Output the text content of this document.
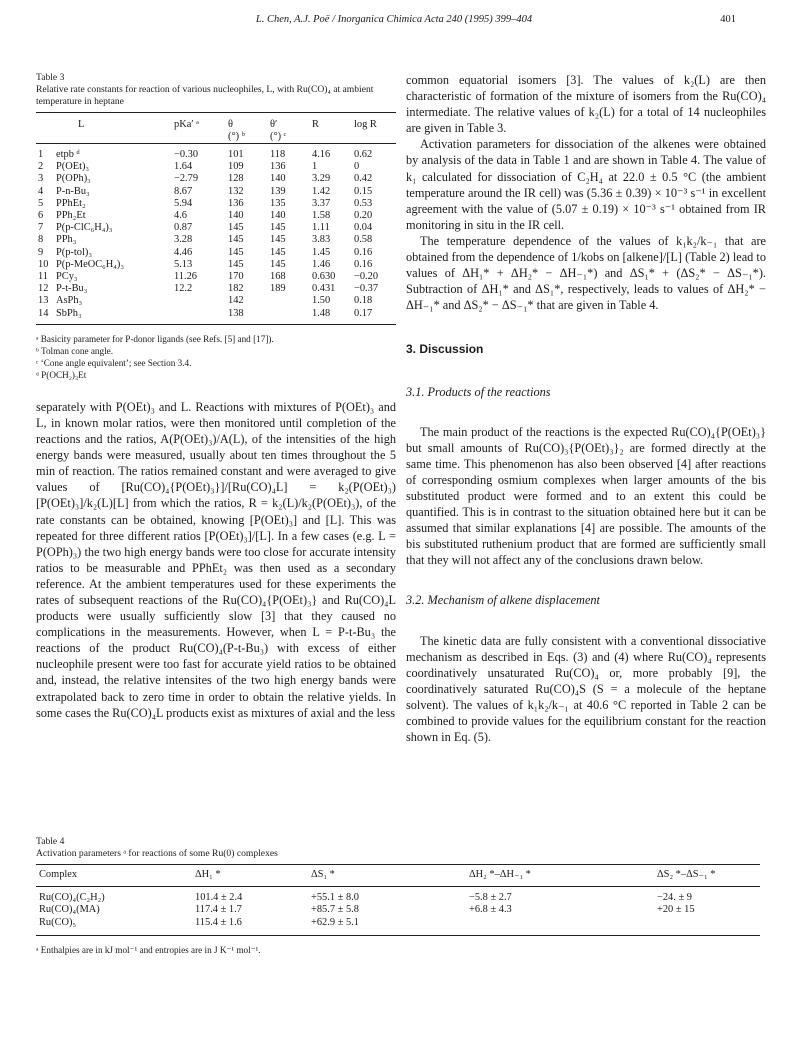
L. Chen, A.J. Poë / Inorganica Chimica Acta 240 (1995) 399–404	401
Table 3
Relative rate constants for reaction of various nucleophiles, L, with Ru(CO)₄ at ambient temperature in heptane
	L	pKa′ ᵃ	θ	θ′	R	log R
			(°) ᵇ	(°) ᶜ		
1	etpb ᵈ	−0.30	101	118	4.16	0.62
2	P(OEt)₃	1.64	109	136	1	0
3	P(OPh)₃	−2.79	128	140	3.29	0.42
4	P-n-Bu₃	8.67	132	139	1.42	0.15
5	PPhEt₂	5.94	136	135	3.37	0.53
6	PPh₂Et	4.6	140	140	1.58	0.20
7	P(p-ClC₆H₄)₃	0.87	145	145	1.11	0.04
8	PPh₃	3.28	145	145	3.83	0.58
9	P(p-tol)₃	4.46	145	145	1.45	0.16
10	P(p-MeOC₆H₄)₃	5.13	145	145	1.46	0.16
11	PCy₃	11.26	170	168	0.630	−0.20
12	P-t-Bu₃	12.2	182	189	0.431	−0.37
13	AsPh₃		142		1.50	0.18
14	SbPh₃		138		1.48	0.17
ᵃ Basicity parameter for P-donor ligands (see Refs. [5] and [17]).
ᵇ Tolman cone angle.
ᶜ ‘Cone angle equivalent’; see Section 3.4.
ᵈ P(OCH₂)₃Et

separately with P(OEt)₃ and L. Reactions with mixtures of P(OEt)₃ and L, in known molar ratios, were then monitored until completion of the reactions and the ratios, A(P(OEt)₃)/A(L), of the intensities of the high energy bands were measured, usually about ten times throughout the 5 min of reaction. The ratios remained constant and were averaged to give values of [Ru(CO)₄{P(OEt)₃}]/[Ru(CO)₄L] = k₂(P(OEt)₃)[P(OEt)₃]/k₂(L)[L] from which the ratios, R = k₂(L)/k₂(P(OEt)₃), of the rate constants can be obtained, knowing [P(OEt)₃] and [L]. This was repeated for three different ratios [P(OEt)₃]/[L]. In a few cases (e.g. L = P(OPh)₃) the two high energy bands were too close for accurate intensity ratios to be measurable and PPhEt₂ was then used as a secondary reference. At the ambient temperatures used for these experiments the rates of subsequent reactions of the Ru(CO)₄{P(OEt)₃} and Ru(CO)₄L products were usually sufficiently slow [3] that they caused no complications in the measurements. However, when L = P-t-Bu₃ the reactions of the product Ru(CO)₄(P-t-Bu₃) with excess of either nucleophile present were too fast for accurate yield ratios to be obtained and, instead, the relative intensites of the two high energy bands were extrapolated back to zero time in order to obtain the relative yields. In some cases the Ru(CO)₄L products exist as mixtures of axial and the less

common equatorial isomers [3]. The values of k₂(L) are then characteristic of formation of the mixture of isomers from the Ru(CO)₄ intermediate. The relative values of k₂(L) for a total of 14 nucleophiles are given in Table 3.

Activation parameters for dissociation of the alkenes were obtained by analysis of the data in Table 1 and are shown in Table 4. The value of k₁ calculated for dissociation of C₂H₄ at 22.0 ± 0.5 °C (the ambient temperature around the IR cell) was (5.36 ± 0.39) × 10⁻³ s⁻¹ in excellent agreement with the value of (5.07 ± 0.19) × 10⁻³ s⁻¹ obtained from IR monitoring in situ in the IR cell.

The temperature dependence of the values of k₁k₂/k₋₁ that are obtained from the dependence of 1/kobs on [alkene]/[L] (Table 2) lead to values of ΔH₁* + ΔH₂* − ΔH₋₁*) and ΔS₁* + (ΔS₂* − ΔS₋₁*). Subtraction of ΔH₁* and ΔS₁*, respectively, leads to values of ΔH₂* − ΔH₋₁* and ΔS₂* − ΔS₋₁* that are given in Table 4.

3. Discussion
3.1. Products of the reactions

The main product of the reactions is the expected Ru(CO)₄{P(OEt)₃} but small amounts of Ru(CO)₃{P(OEt)₃}₂ are formed directly at the same time. This phenomenon has also been observed [4] after reactions of corresponding osmium complexes when larger amounts of the bis substituted product were formed and to an extent this could be quantified. This is in contrast to the situation obtained here but it can be assumed that similar explanations [4] are possible. The amounts of the bis substituted ruthenium product that are formed are sufficiently small that they will not affect any of the conclusions drawn below.

3.2. Mechanism of alkene displacement

The kinetic data are fully consistent with a conventional dissociative mechanism as described in Eqs. (3) and (4) where Ru(CO)₄ represents coordinatively unsaturated Ru(CO)₄ or, more probably [9], the coordinatively saturated Ru(CO)₄S (S = a molecule of the heptane solvent). The values of k₁k₂/k₋₁ at 40.6 °C reported in Table 2 can be combined to provide values for the equilibrium constant for the reaction shown in Eq. (5).

Table 4
Activation parameters ᵃ for reactions of some Ru(0) complexes
Complex	ΔH₁ *	ΔS₁ *	ΔH₂ *–ΔH₋₁ *	ΔS₂ *–ΔS₋₁ *
Ru(CO)₄(C₂H₂)	101.4 ± 2.4	+55.1 ± 8.0	−5.8 ± 2.7	−24. ± 9
Ru(CO)₄(MA)	117.4 ± 1.7	+85.7 ± 5.8	+6.8 ± 4.3	+20 ± 15
Ru(CO)₅	115.4 ± 1.6	+62.9 ± 5.1		
ᵃ Enthalpies are in kJ mol⁻¹ and entropies are in J K⁻¹ mol⁻¹.
